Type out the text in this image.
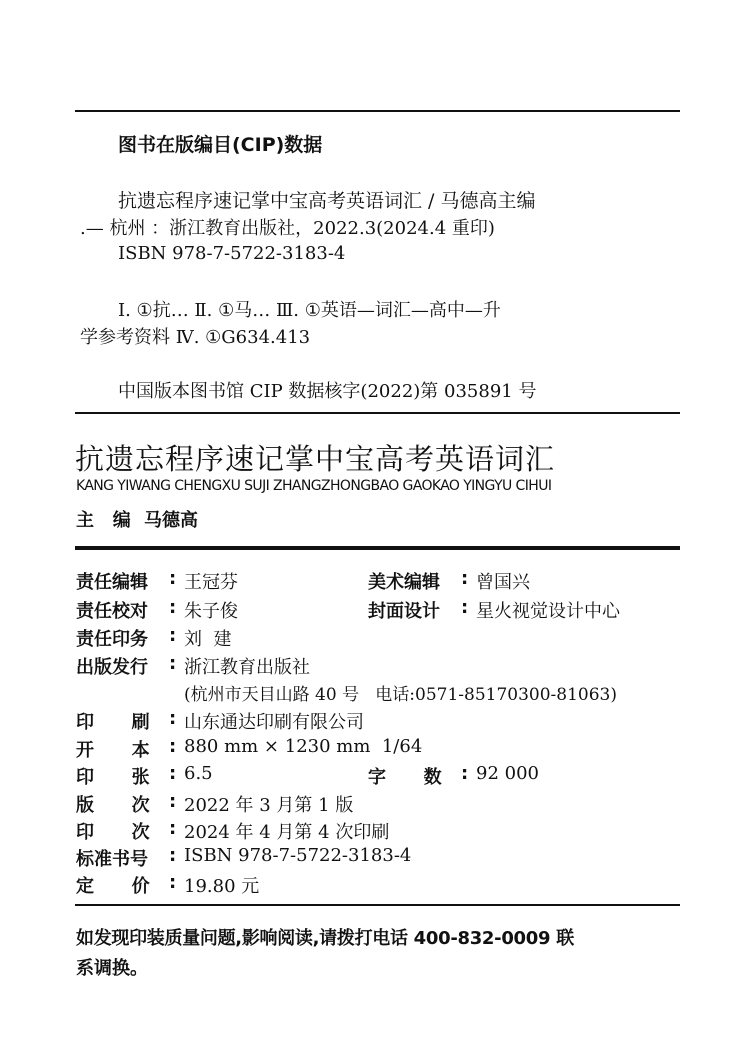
图书在版编目(CIP)数据
抗遗忘程序速记掌中宝高考英语词汇 / 马德高主编
.— 杭州 ：浙江教育出版社，2022.3(2024.4 重印)
ISBN 978-7-5722-3183-4
Ⅰ. ①抗… Ⅱ. ①马… Ⅲ. ①英语—词汇—高中—升
学参考资料 Ⅳ. ①G634.413
中国版本图书馆 CIP 数据核字(2022)第 035891 号
抗遗忘程序速记掌中宝高考英语词汇
KANG YIWANG CHENGXU SUJI ZHANGZHONGBAO GAOKAO YINGYU CIHUI
主   编 马德高
责任编辑 : 王冠芬	美术编辑 : 曾国兴
责任校对 : 朱子俊	封面设计 : 星火视觉设计中心
责任印务 : 刘  建
出版发行 : 浙江教育出版社
(杭州市天目山路 40 号   电话:0571-85170300-81063)
印      刷 : 山东通达印刷有限公司
开      本 : 880 mm × 1230 mm  1/64
印      张 : 6.5	字      数 : 92 000
版      次 : 2022 年 3 月第 1 版
印      次 : 2024 年 4 月第 4 次印刷
标准书号 : ISBN 978-7-5722-3183-4
定      价 : 19.80 元
如发现印装质量问题,影响阅读,请拨打电话 400-832-0009 联
系调换。
